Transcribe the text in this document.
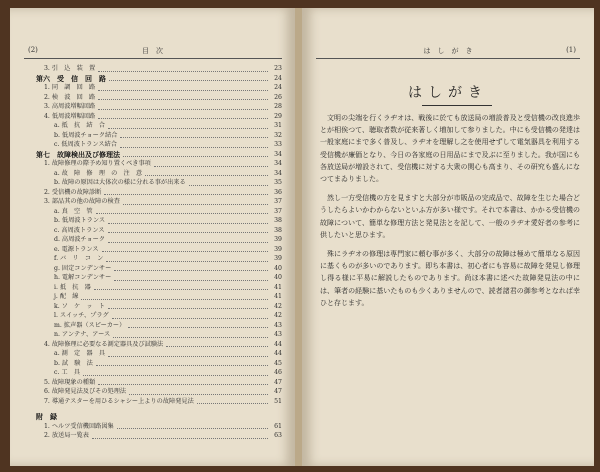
(2)	目　次
3. 引　込　装　置	23
第六　受　信　回　路	24
1. 同　調　回　路	24
2. 検　波　回　路	26
3. 高周波増幅回路	28
4. 低周波増幅回路	29
a. 抵　抗　結　合	31
b. 低周波チョーク結合	32
c. 低周波トランス結合	33
第七　故障検出及び修理法	34
1. 故障修理の際予め知り置くべき事項	34
a. 故　障　修　理　の　注　意	34
b. 故障の原因は大体次の様に分れる事が出来る	35
2. 受信機の故障診断	36
3. 部品其の他の故障の検査	37
a. 真　空　管	37
b. 低周波トランス	38
c. 高周波トランス	38
d. 高周波チョーク	39
e. 電源トランス	39
f. バ　リ　コ　ン	39
g. 固定コンデンサー	40
h. 電解コンデンサー	40
i. 抵　抗　器	41
j. 配　線	41
k. ソ　ケ　ッ　ト	42
l. スイッチ、プラグ	42
m. 拡声器（スピーカー）	43
n. アンテナ、アース	43
4. 故障修理に必要なる測定器具及び試験法	44
a. 測　定　器　具	44
b. 試　験　法	45
c. 工　具	46
5. 故障現象の種類	47
6. 故障発見法及びその処理法	47
7. 導通テスターを用ひるシャシー上よりの故障発見法	51
附　録
1. ヘルツ受信機回路図集	61
2. 放送局一覧表	63
は　し　が　き	(1)
はしがき

文明の尖端を行くラヂオは、戦後に於ても放送局の増設普及と受信機の改良進歩とが相俟つて、聴取者数が従来著しく増加して参りました。中にも受信機の発達は一般家庭にまで多く普及し、ラヂオを理解し之を使用せずして電気器具を利用する受信機が廉価となり、今日の各家庭の日用品にまで及ぶに至りました。我が国にも各放送局が増設されて、受信機に対する大衆の関心も高まり、その研究も盛んになつてまゐりました。

然し一方受信機の方を見ますと大部分が市販品の完成品で、故障を生じた場合どうしたらよいかわからないといふ方が多い様です。それで本書は、かかる受信機の故障について、簡単な修理方法と発見法とを記して、一般のラヂオ愛好者の参考に供したいと思ひます。

殊にラヂオの修理は専門家に頼む事が多く、大部分の故障は極めて簡単なる原因に基くものが多いのであります。即ち本書は、初心者にも容易に故障を発見し修理し得る様に平易に解説したものであります。尚ほ本書に述べた故障発見法の中には、筆者の経験に基いたものも少くありませんので、読者諸君の御参考となれば幸ひと存じます。
